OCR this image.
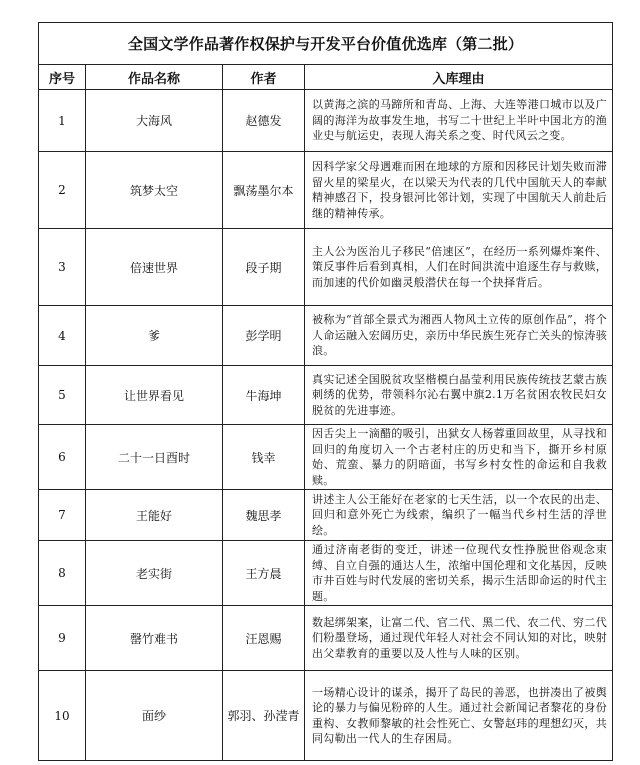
全国文学作品著作权保护与开发平台价值优选库（第二批）			
序号	作品名称	作者	入库理由
1	大海风	赵德发	以黄海之滨的马蹄所和青岛、上海、大连等港口城市以及广阔的海洋为故事发生地，书写二十世纪上半叶中国北方的渔业史与航运史，表现人海关系之变、时代风云之变。
2	筑梦太空	飘荡墨尔本	因科学家父母遇难而困在地球的方原和因移民计划失败而滞留火星的梁星火，在以梁天为代表的几代中国航天人的奉献精神感召下，投身银河比邻计划，实现了中国航天人前赴后继的精神传承。
3	倍速世界	段子期	主人公为医治儿子移民“倍速区”，在经历一系列爆炸案件、策反事件后看到真相，人们在时间洪流中追逐生存与救赎，而加速的代价如幽灵般潜伏在每一个抉择背后。
4	爹	彭学明	被称为“首部全景式为湘西人物风土立传的原创作品”，将个人命运融入宏阔历史，亲历中华民族生死存亡关头的惊涛骇浪。
5	让世界看见	牛海坤	真实记述全国脱贫攻坚楷模白晶莹利用民族传统技艺蒙古族刺绣的优势，带领科尔沁右翼中旗2.1万名贫困农牧民妇女脱贫的先进事迹。
6	二十一日酉时	钱幸	因舌尖上一滴醋的吸引，出狱女人杨蓉重回故里，从寻找和回归的角度切入一个古老村庄的历史和当下，撕开乡村原始、荒蛮、暴力的阴暗面，书写乡村女性的命运和自我救赎。
7	王能好	魏思孝	讲述主人公王能好在老家的七天生活，以一个农民的出走、回归和意外死亡为线索，编织了一幅当代乡村生活的浮世绘。
8	老实街	王方晨	通过济南老街的变迁，讲述一位现代女性挣脱世俗观念束缚、自立自强的通达人生，浓缩中国伦理和文化基因，反映市井百姓与时代发展的密切关系，揭示生活即命运的时代主题。
9	罄竹难书	汪恩赐	数起绑架案，让富二代、官二代、黑二代、农二代、穷二代们粉墨登场，通过现代年轻人对社会不同认知的对比，映射出父辈教育的重要以及人性与人味的区别。
10	面纱	郭羽、孙滢青	一场精心设计的谋杀，揭开了岛民的善恶，也拼凑出了被舆论的暴力与偏见粉碎的人生。通过社会新闻记者黎花的身份重构、女教师黎敏的社会性死亡、女警赵玮的理想幻灭，共同勾勒出一代人的生存困局。
